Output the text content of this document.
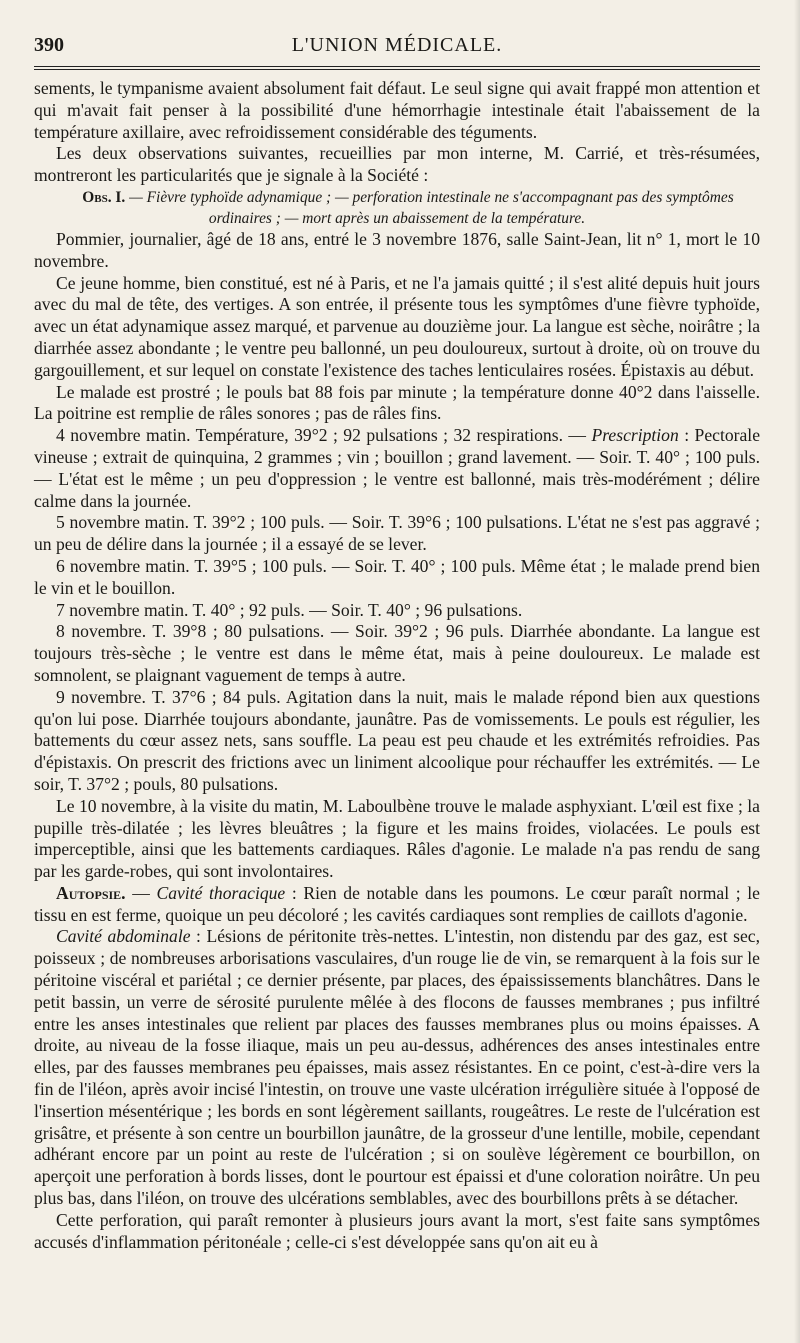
390	L'UNION MÉDICALE.

sements, le tympanisme avaient absolument fait défaut. Le seul signe qui avait frappé mon attention et qui m'avait fait penser à la possibilité d'une hémorrhagie intestinale était l'abaissement de la température axillaire, avec refroidissement considérable des téguments.

Les deux observations suivantes, recueillies par mon interne, M. Carrié, et très-résumées, montreront les particularités que je signale à la Société :

Obs. I. — Fièvre typhoïde adynamique ; — perforation intestinale ne s'accompagnant pas des symptômes ordinaires ; — mort après un abaissement de la température.

Pommier, journalier, âgé de 18 ans, entré le 3 novembre 1876, salle Saint-Jean, lit n° 1, mort le 10 novembre.

Ce jeune homme, bien constitué, est né à Paris, et ne l'a jamais quitté ; il s'est alité depuis huit jours avec du mal de tête, des vertiges. A son entrée, il présente tous les symptômes d'une fièvre typhoïde, avec un état adynamique assez marqué, et parvenue au douzième jour. La langue est sèche, noirâtre ; la diarrhée assez abondante ; le ventre peu ballonné, un peu douloureux, surtout à droite, où on trouve du gargouillement, et sur lequel on constate l'existence des taches lenticulaires rosées. Épistaxis au début.

Le malade est prostré ; le pouls bat 88 fois par minute ; la température donne 40°2 dans l'aisselle. La poitrine est remplie de râles sonores ; pas de râles fins.

4 novembre matin. Température, 39°2 ; 92 pulsations ; 32 respirations. — Prescription : Pectorale vineuse ; extrait de quinquina, 2 grammes ; vin ; bouillon ; grand lavement. — Soir. T. 40° ; 100 puls. — L'état est le même ; un peu d'oppression ; le ventre est ballonné, mais très-modérément ; délire calme dans la journée.

5 novembre matin. T. 39°2 ; 100 puls. — Soir. T. 39°6 ; 100 pulsations. L'état ne s'est pas aggravé ; un peu de délire dans la journée ; il a essayé de se lever.

6 novembre matin. T. 39°5 ; 100 puls. — Soir. T. 40° ; 100 puls. Même état ; le malade prend bien le vin et le bouillon.

7 novembre matin. T. 40° ; 92 puls. — Soir. T. 40° ; 96 pulsations.

8 novembre. T. 39°8 ; 80 pulsations. — Soir. 39°2 ; 96 puls. Diarrhée abondante. La langue est toujours très-sèche ; le ventre est dans le même état, mais à peine douloureux. Le malade est somnolent, se plaignant vaguement de temps à autre.

9 novembre. T. 37°6 ; 84 puls. Agitation dans la nuit, mais le malade répond bien aux questions qu'on lui pose. Diarrhée toujours abondante, jaunâtre. Pas de vomissements. Le pouls est régulier, les battements du cœur assez nets, sans souffle. La peau est peu chaude et les extrémités refroidies. Pas d'épistaxis. On prescrit des frictions avec un liniment alcoolique pour réchauffer les extrémités. — Le soir, T. 37°2 ; pouls, 80 pulsations.

Le 10 novembre, à la visite du matin, M. Laboulbène trouve le malade asphyxiant. L'œil est fixe ; la pupille très-dilatée ; les lèvres bleuâtres ; la figure et les mains froides, violacées. Le pouls est imperceptible, ainsi que les battements cardiaques. Râles d'agonie. Le malade n'a pas rendu de sang par les garde-robes, qui sont involontaires.

Autopsie. — Cavité thoracique : Rien de notable dans les poumons. Le cœur paraît normal ; le tissu en est ferme, quoique un peu décoloré ; les cavités cardiaques sont remplies de caillots d'agonie.

Cavité abdominale : Lésions de péritonite très-nettes. L'intestin, non distendu par des gaz, est sec, poisseux ; de nombreuses arborisations vasculaires, d'un rouge lie de vin, se remarquent à la fois sur le péritoine viscéral et pariétal ; ce dernier présente, par places, des épaississements blanchâtres. Dans le petit bassin, un verre de sérosité purulente mêlée à des flocons de fausses membranes ; pus infiltré entre les anses intestinales que relient par places des fausses membranes plus ou moins épaisses. A droite, au niveau de la fosse iliaque, mais un peu au-dessus, adhérences des anses intestinales entre elles, par des fausses membranes peu épaisses, mais assez résistantes. En ce point, c'est-à-dire vers la fin de l'iléon, après avoir incisé l'intestin, on trouve une vaste ulcération irrégulière située à l'opposé de l'insertion mésentérique ; les bords en sont légèrement saillants, rougeâtres. Le reste de l'ulcération est grisâtre, et présente à son centre un bourbillon jaunâtre, de la grosseur d'une lentille, mobile, cependant adhérant encore par un point au reste de l'ulcération ; si on soulève légèrement ce bourbillon, on aperçoit une perforation à bords lisses, dont le pourtour est épaissi et d'une coloration noirâtre. Un peu plus bas, dans l'iléon, on trouve des ulcérations semblables, avec des bourbillons prêts à se détacher.

Cette perforation, qui paraît remonter à plusieurs jours avant la mort, s'est faite sans symptômes accusés d'inflammation péritonéale ; celle-ci s'est développée sans qu'on ait eu à
